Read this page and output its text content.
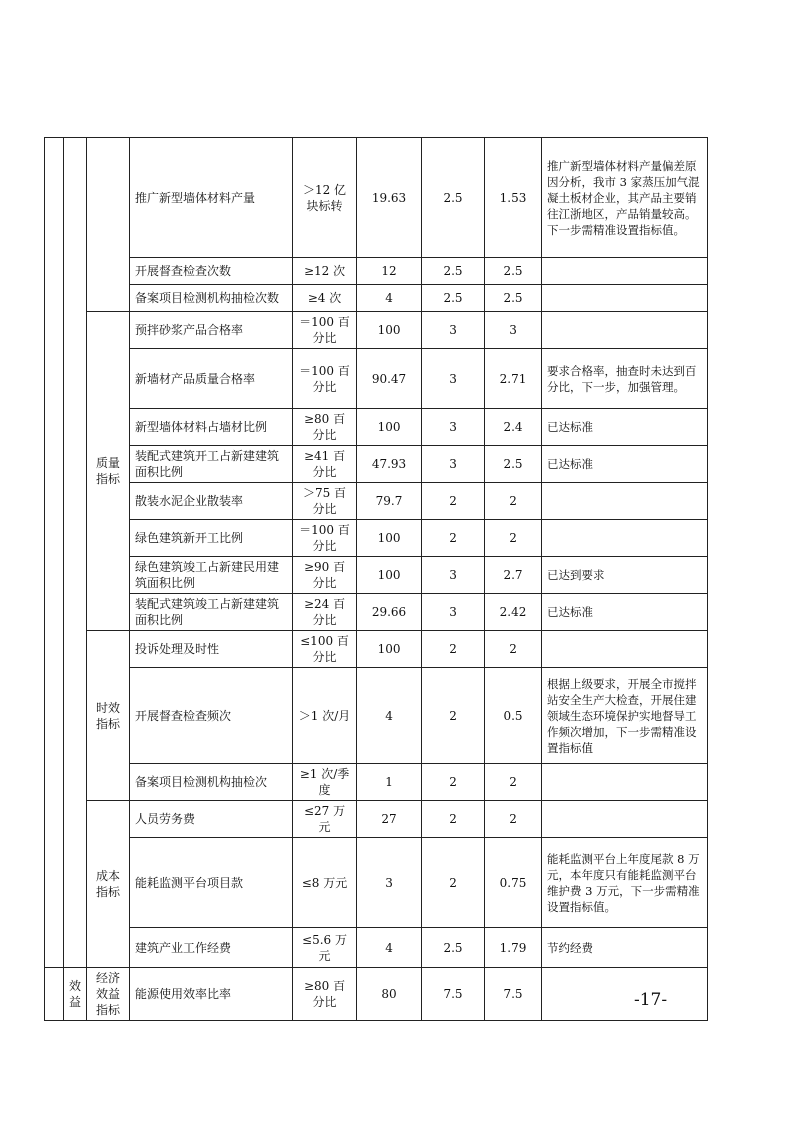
			推广新型墙体材料产量	＞12 亿块标转	19.63	2.5	1.53	推广新型墙体材料产量偏差原因分析，我市 3 家蒸压加气混凝土板材企业，其产品主要销往江浙地区，产品销量较高。下一步需精准设置指标值。
			开展督查检查次数	≥12 次	12	2.5	2.5	
			备案项目检测机构抽检次数	≥4 次	4	2.5	2.5	
		质量指标	预拌砂浆产品合格率	＝100 百分比	100	3	3	
			新墙材产品质量合格率	＝100 百分比	90.47	3	2.71	要求合格率，抽查时未达到百分比，下一步，加强管理。
			新型墙体材料占墙材比例	≥80 百分比	100	3	2.4	已达标准
			装配式建筑开工占新建建筑面积比例	≥41 百分比	47.93	3	2.5	已达标准
			散装水泥企业散装率	＞75 百分比	79.7	2	2	
			绿色建筑新开工比例	＝100 百分比	100	2	2	
			绿色建筑竣工占新建民用建筑面积比例	≥90 百分比	100	3	2.7	已达到要求
			装配式建筑竣工占新建建筑面积比例	≥24 百分比	29.66	3	2.42	已达标准
		时效指标	投诉处理及时性	≤100 百分比	100	2	2	
			开展督查检查频次	＞1 次/月	4	2	0.5	根据上级要求，开展全市搅拌站安全生产大检查，开展住建领域生态环境保护实地督导工作频次增加，下一步需精准设置指标值
			备案项目检测机构抽检次	≥1 次/季度	1	2	2	
		成本指标	人员劳务费	≤27 万元	27	2	2	
			能耗监测平台项目款	≤8 万元	3	2	0.75	能耗监测平台上年度尾款 8 万元，本年度只有能耗监测平台维护费 3 万元，下一步需精准设置指标值。
			建筑产业工作经费	≤5.6 万元	4	2.5	1.79	节约经费
	效益	经济效益指标	能源使用效率比率	≥80 百分比	80	7.5	7.5		-17-
